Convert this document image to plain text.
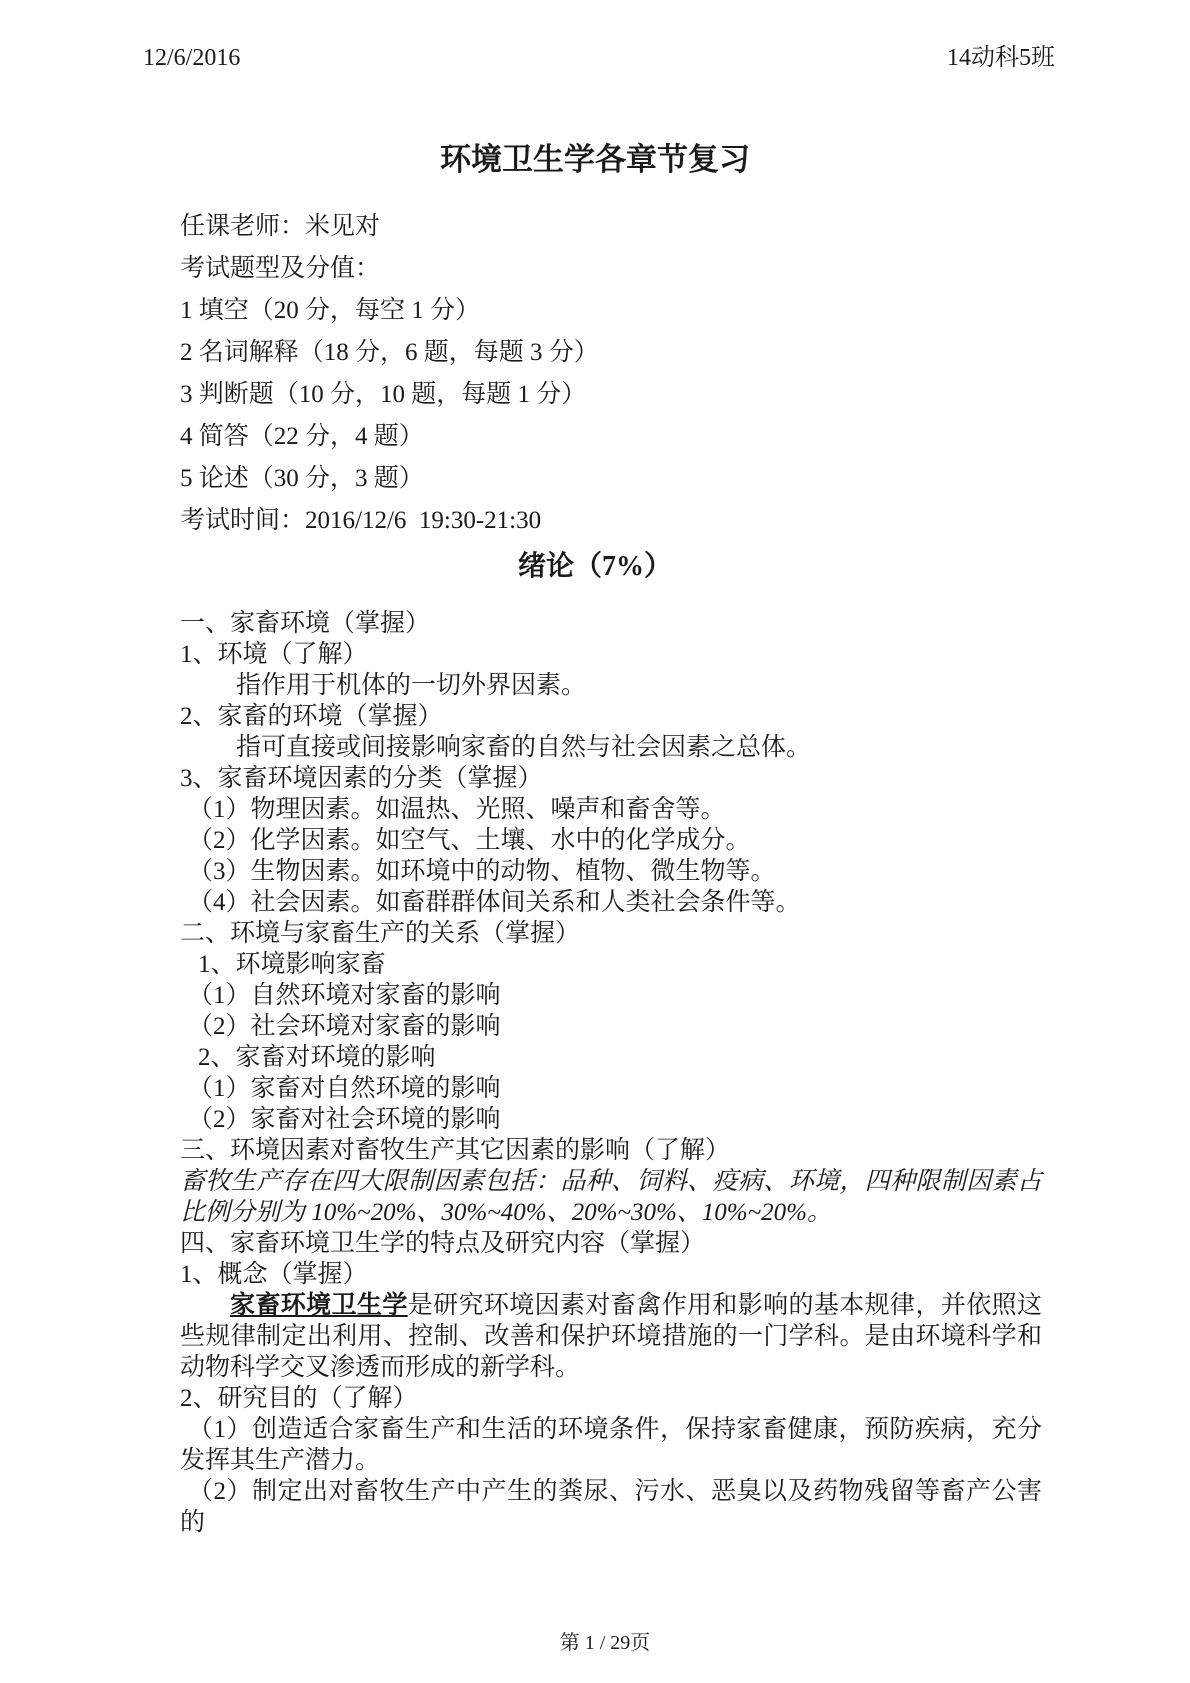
12/6/2016	14动科5班
环境卫生学各章节复习
任课老师：米见对
考试题型及分值：
1 填空（20 分，每空 1 分）
2 名词解释（18 分，6 题，每题 3 分）
3 判断题（10 分，10 题，每题 1 分）
4 简答（22 分，4 题）
5 论述（30 分，3 题）
考试时间：2016/12/6  19:30-21:30
绪论（7%）
一、家畜环境（掌握）
1、环境（了解）
指作用于机体的一切外界因素。
2、家畜的环境（掌握）
指可直接或间接影响家畜的自然与社会因素之总体。
3、家畜环境因素的分类（掌握）
（1）物理因素。如温热、光照、噪声和畜舍等。
（2）化学因素。如空气、土壤、水中的化学成分。
（3）生物因素。如环境中的动物、植物、微生物等。
（4）社会因素。如畜群群体间关系和人类社会条件等。
二、环境与家畜生产的关系（掌握）
1、环境影响家畜
（1）自然环境对家畜的影响
（2）社会环境对家畜的影响
2、家畜对环境的影响
（1）家畜对自然环境的影响
（2）家畜对社会环境的影响
三、环境因素对畜牧生产其它因素的影响（了解）
畜牧生产存在四大限制因素包括：品种、饲料、疫病、环境，四种限制因素占比例分别为 10%~20%、30%~40%、20%~30%、10%~20%。
四、家畜环境卫生学的特点及研究内容（掌握）
1、概念（掌握）
家畜环境卫生学是研究环境因素对畜禽作用和影响的基本规律，并依照这些规律制定出利用、控制、改善和保护环境措施的一门学科。是由环境科学和动物科学交叉渗透而形成的新学科。
2、研究目的（了解）
（1）创造适合家畜生产和生活的环境条件，保持家畜健康，预防疾病，充分发挥其生产潜力。
（2）制定出对畜牧生产中产生的粪尿、污水、恶臭以及药物残留等畜产公害的

第 1 / 29页
